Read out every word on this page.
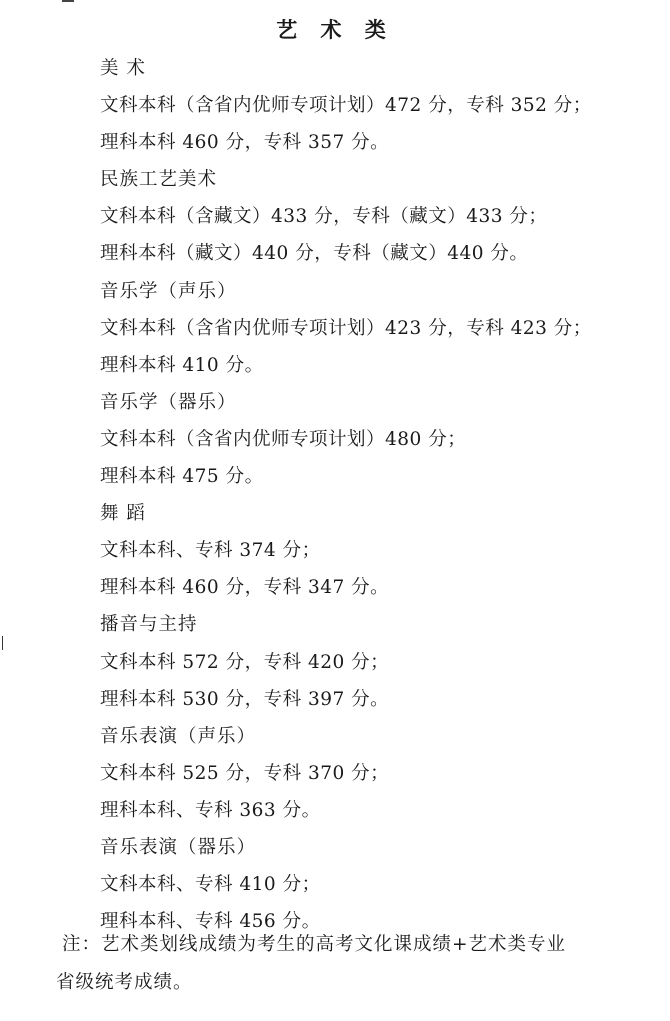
艺 术 类
美 术
文科本科（含省内优师专项计划）472 分，专科 352 分；
理科本科 460 分，专科 357 分。
民族工艺美术
文科本科（含藏文）433 分，专科（藏文）433 分；
理科本科（藏文）440 分，专科（藏文）440 分。
音乐学（声乐）
文科本科（含省内优师专项计划）423 分，专科 423 分；
理科本科 410 分。
音乐学（器乐）
文科本科（含省内优师专项计划）480 分；
理科本科 475 分。
舞 蹈
文科本科、专科 374 分；
理科本科 460 分，专科 347 分。
播音与主持
文科本科 572 分，专科 420 分；
理科本科 530 分，专科 397 分。
音乐表演（声乐）
文科本科 525 分，专科 370 分；
理科本科、专科 363 分。
音乐表演（器乐）
文科本科、专科 410 分；
理科本科、专科 456 分。
注：艺术类划线成绩为考生的高考文化课成绩+艺术类专业
省级统考成绩。
